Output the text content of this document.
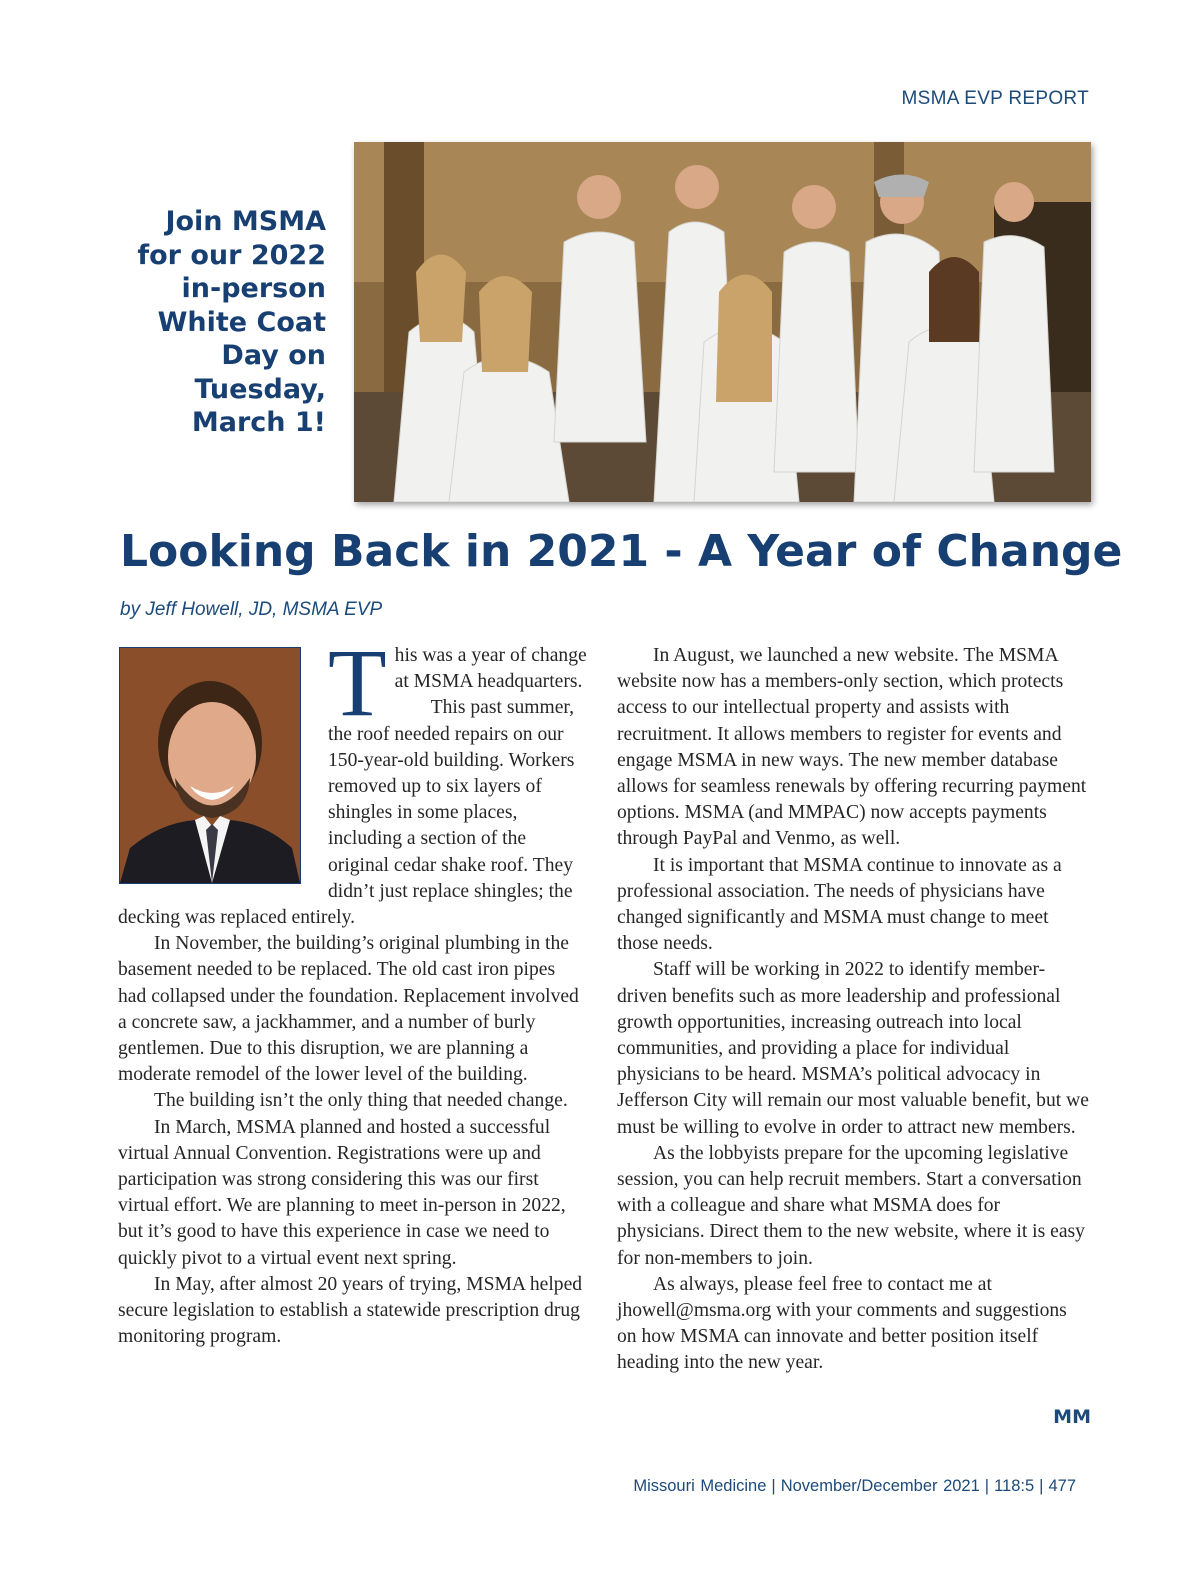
MSMA EVP REPORT
Join MSMA
for our 2022
in-person
White Coat
Day on
Tuesday,
March 1!
Looking Back in 2021 - A Year of Change
by Jeff Howell, JD, MSMA EVP

This was a year of change at MSMA headquarters.

This past summer, the roof needed repairs on our 150-year-old building. Workers removed up to six layers of shingles in some places, including a section of the original cedar shake roof. They didn’t just replace shingles; the decking was replaced entirely.

In November, the building’s original plumbing in the basement needed to be replaced. The old cast iron pipes had collapsed under the foundation. Replacement involved a concrete saw, a jackhammer, and a number of burly gentlemen. Due to this disruption, we are planning a moderate remodel of the lower level of the building.

The building isn’t the only thing that needed change.

In March, MSMA planned and hosted a successful virtual Annual Convention. Registrations were up and participation was strong considering this was our first virtual effort. We are planning to meet in-person in 2022, but it’s good to have this experience in case we need to quickly pivot to a virtual event next spring.

In May, after almost 20 years of trying, MSMA helped secure legislation to establish a statewide prescription drug monitoring program.

In August, we launched a new website. The MSMA website now has a members-only section, which protects access to our intellectual property and assists with recruitment. It allows members to register for events and engage MSMA in new ways. The new member database allows for seamless renewals by offering recurring payment options. MSMA (and MMPAC) now accepts payments through PayPal and Venmo, as well.

It is important that MSMA continue to innovate as a professional association. The needs of physicians have changed significantly and MSMA must change to meet those needs.

Staff will be working in 2022 to identify member-driven benefits such as more leadership and professional growth opportunities, increasing outreach into local communities, and providing a place for individual physicians to be heard. MSMA’s political advocacy in Jefferson City will remain our most valuable benefit, but we must be willing to evolve in order to attract new members.

As the lobbyists prepare for the upcoming legislative session, you can help recruit members. Start a conversation with a colleague and share what MSMA does for physicians. Direct them to the new website, where it is easy for non-members to join.

As always, please feel free to contact me at jhowell@msma.org with your comments and suggestions on how MSMA can innovate and better position itself heading into the new year.

MM
Missouri Medicine | November/December 2021 | 118:5 | 477
